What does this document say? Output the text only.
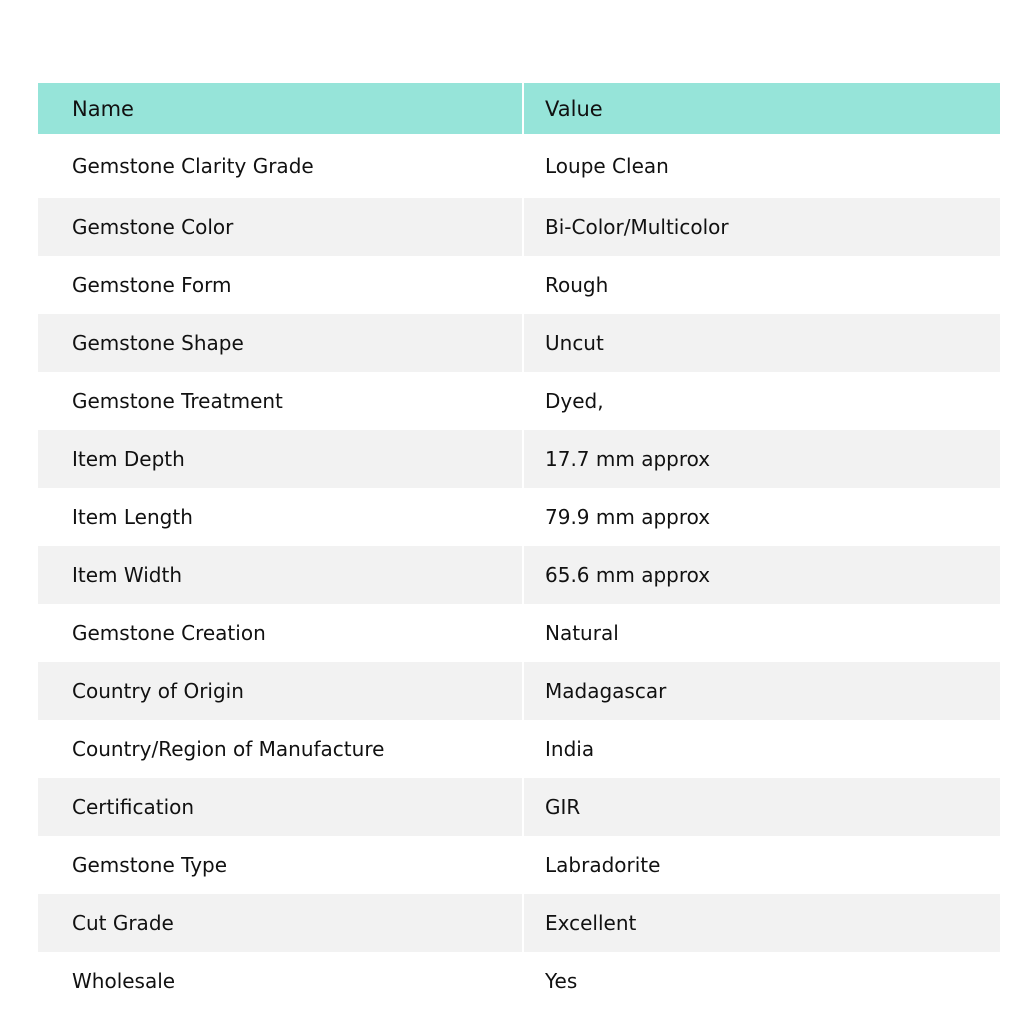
Name	Value
Gemstone Clarity Grade	Loupe Clean
Gemstone Color	Bi-Color/Multicolor
Gemstone Form	Rough
Gemstone Shape	Uncut
Gemstone Treatment	Dyed,
Item Depth	17.7 mm approx
Item Length	79.9 mm approx
Item Width	65.6 mm approx
Gemstone Creation	Natural
Country of Origin	Madagascar
Country/Region of Manufacture	India
Certification	GIR
Gemstone Type	Labradorite
Cut Grade	Excellent
Wholesale	Yes
